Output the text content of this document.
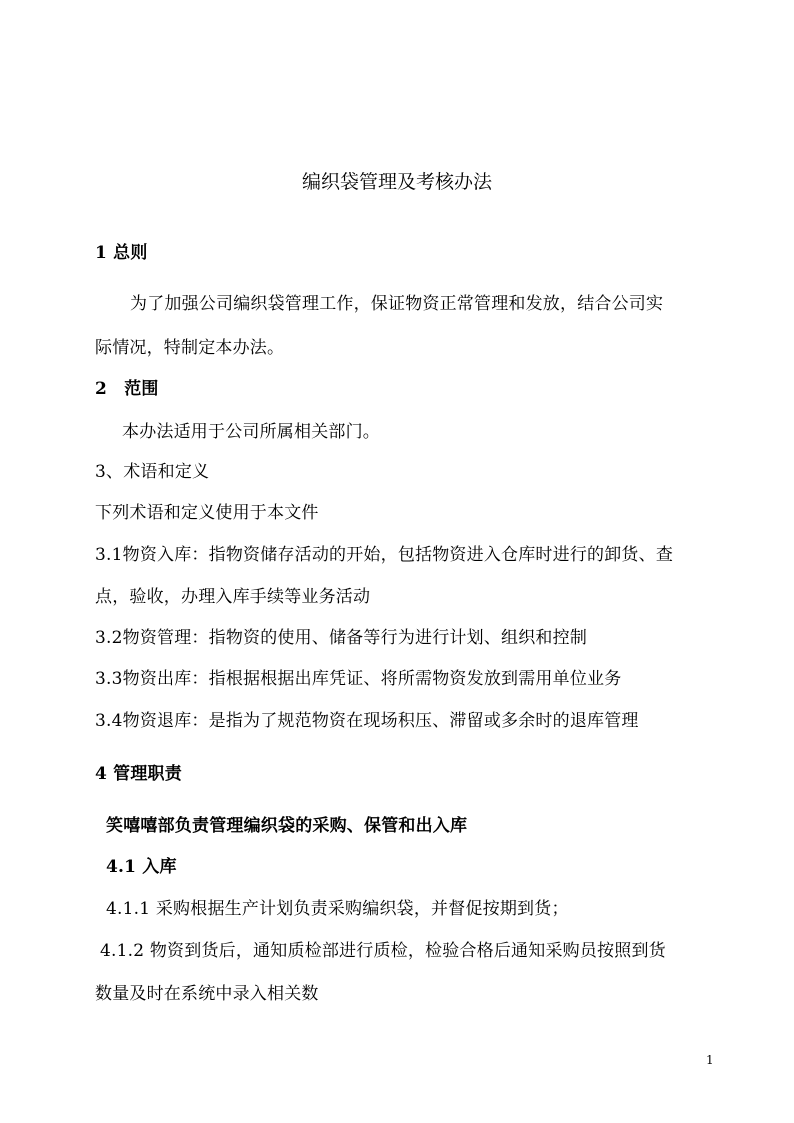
编织袋管理及考核办法
1 总则
为了加强公司编织袋管理工作，保证物资正常管理和发放，结合公司实
际情况，特制定本办法。
2　范围
本办法适用于公司所属相关部门。
3、术语和定义
下列术语和定义使用于本文件
3.1物资入库：指物资储存活动的开始，包括物资进入仓库时进行的卸货、查
点，验收，办理入库手续等业务活动
3.2物资管理：指物资的使用、储备等行为进行计划、组织和控制
3.3物资出库：指根据根据出库凭证、将所需物资发放到需用单位业务
3.4物资退库：是指为了规范物资在现场积压、滞留或多余时的退库管理
4 管理职责
笑嘻嘻部负责管理编织袋的采购、保管和出入库
4.1 入库
4.1.1 采购根据生产计划负责采购编织袋，并督促按期到货；
4.1.2 物资到货后，通知质检部进行质检，检验合格后通知采购员按照到货
数量及时在系统中录入相关数
1
